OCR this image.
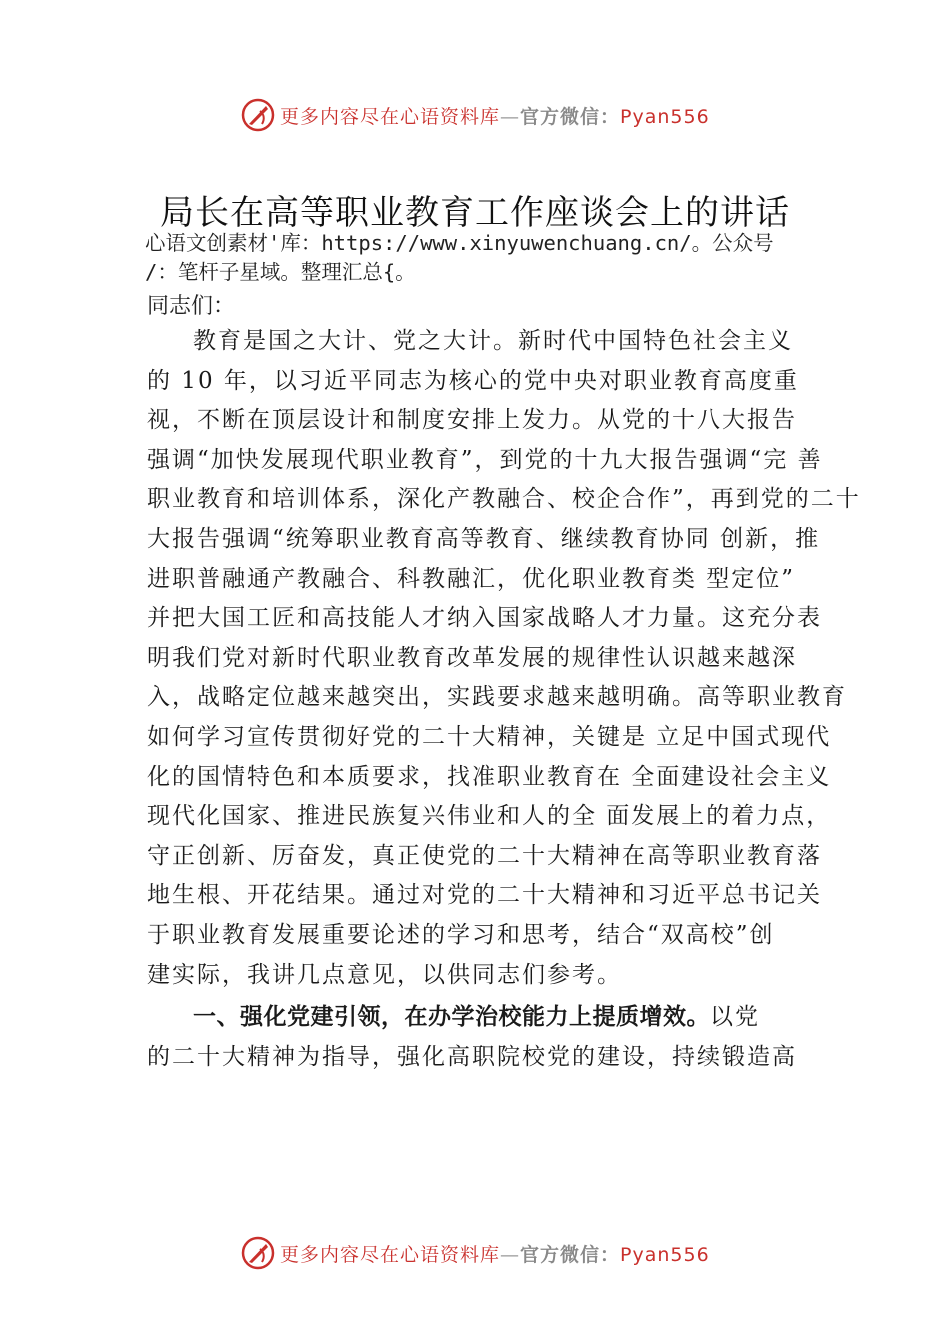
更多内容尽在心语资料库—官方微信：Pyan556
局长在高等职业教育工作座谈会上的讲话
心语文创素材'库：https://www.xinyuwenchuang.cn/。公众号
/：笔杆子星域。整理汇总{。
同志们：
教育是国之大计、党之大计。新时代中国特色社会主义
的 10 年，以习近平同志为核心的党中央对职业教育高度重
视，不断在顶层设计和制度安排上发力。从党的十八大报告
强调“加快发展现代职业教育”，到党的十九大报告强调“完 善
职业教育和培训体系，深化产教融合、校企合作”，再到党的二十
大报告强调“统筹职业教育高等教育、继续教育协同 创新，推
进职普融通产教融合、科教融汇，优化职业教育类 型定位”
并把大国工匠和高技能人才纳入国家战略人才力量。这充分表
明我们党对新时代职业教育改革发展的规律性认识越来越深
入，战略定位越来越突出，实践要求越来越明确。高等职业教育
如何学习宣传贯彻好党的二十大精神，关键是 立足中国式现代
化的国情特色和本质要求，找准职业教育在 全面建设社会主义
现代化国家、推进民族复兴伟业和人的全 面发展上的着力点，
守正创新、厉奋发，真正使党的二十大精神在高等职业教育落
地生根、开花结果。通过对党的二十大精神和习近平总书记关
于职业教育发展重要论述的学习和思考，结合“双高校”创
建实际，我讲几点意见，以供同志们参考。
一、强化党建引领，在办学治校能力上提质增效。以党
的二十大精神为指导，强化高职院校党的建设，持续锻造高
更多内容尽在心语资料库—官方微信：Pyan556
